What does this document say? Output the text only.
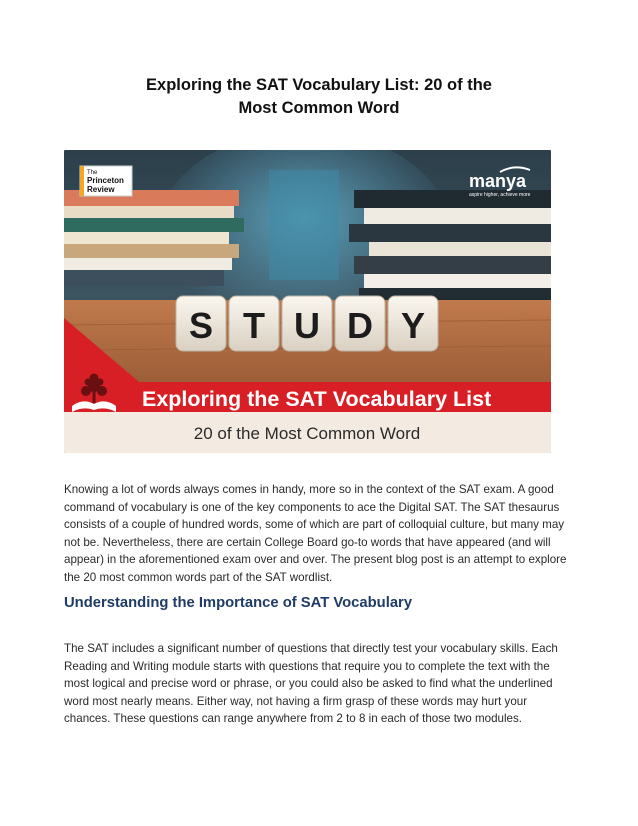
Exploring the SAT Vocabulary List: 20 of the
Most Common Word
S T U D Y
Exploring the SAT Vocabulary List
20 of the Most Common Word
The
Princeton
Review	manya
aspire higher, achieve more
Knowing a lot of words always comes in handy, more so in the context of the SAT exam. A good command of vocabulary is one of the key components to ace the Digital SAT. The SAT thesaurus consists of a couple of hundred words, some of which are part of colloquial culture, but many may not be. Nevertheless, there are certain College Board go-to words that have appeared (and will appear) in the aforementioned exam over and over. The present blog post is an attempt to explore the 20 most common words part of the SAT wordlist.
Understanding the Importance of SAT Vocabulary
The SAT includes a significant number of questions that directly test your vocabulary skills. Each Reading and Writing module starts with questions that require you to complete the text with the most logical and precise word or phrase, or you could also be asked to find what the underlined word most nearly means. Either way, not having a firm grasp of these words may hurt your chances. These questions can range anywhere from 2 to 8 in each of those two modules.
